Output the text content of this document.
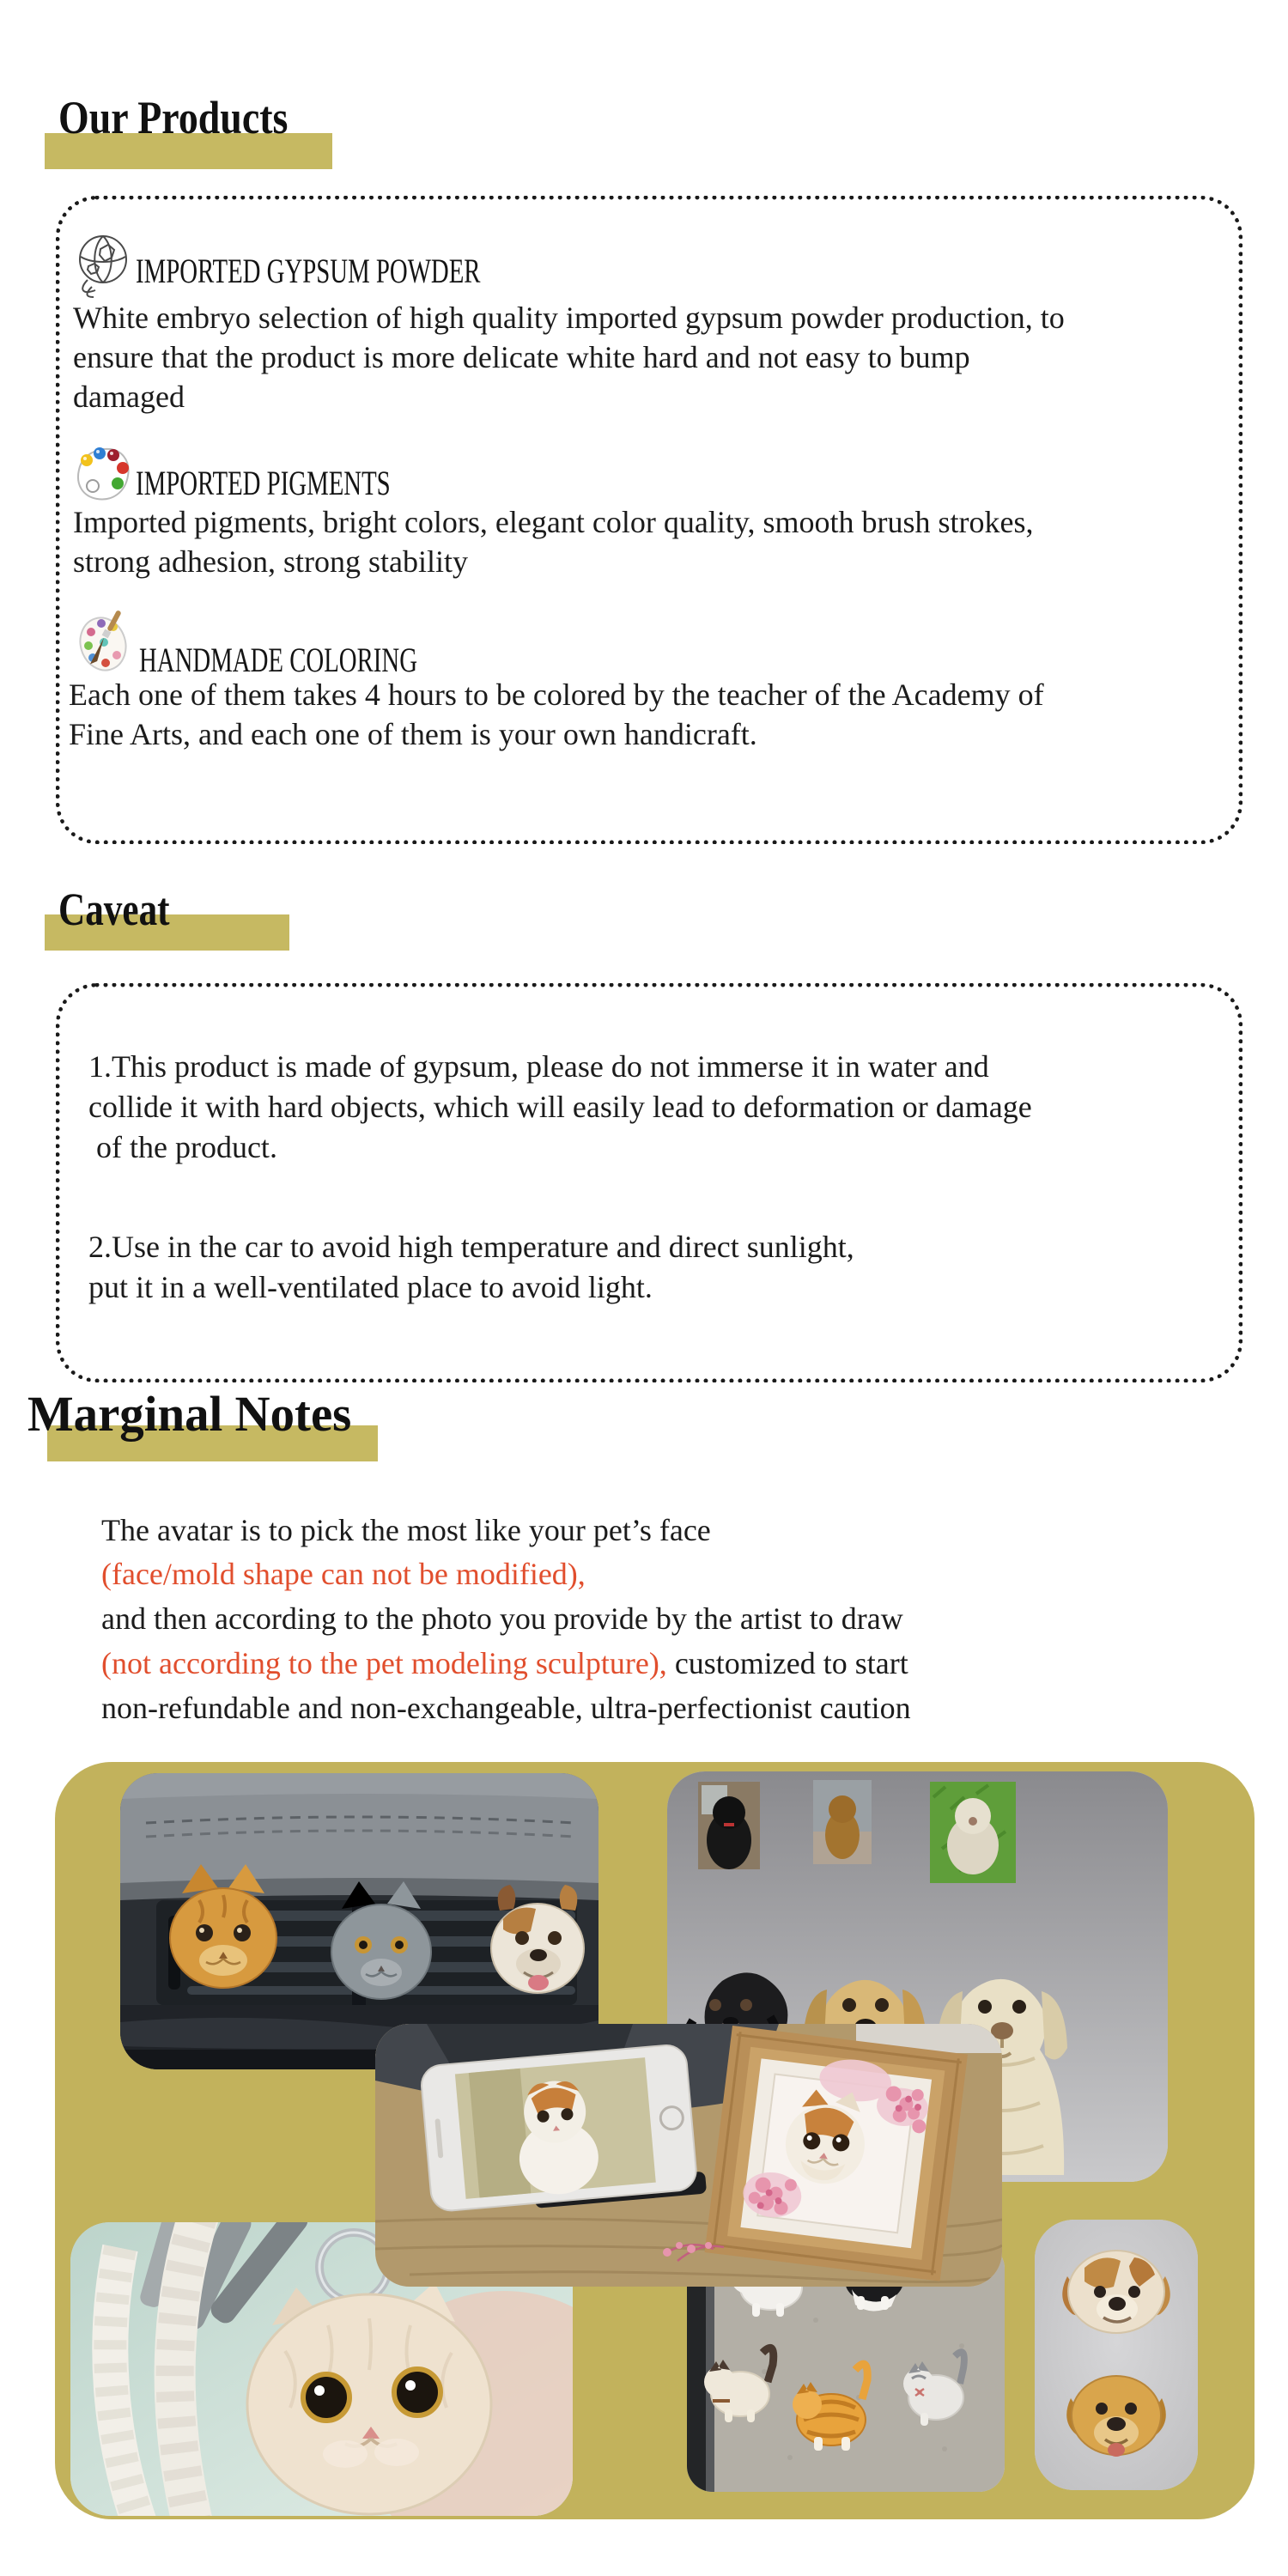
Our Products
IMPORTED GYPSUM POWDER
White embryo selection of high quality imported gypsum powder production, to
ensure that the product is more delicate white hard and not easy to bump
damaged
IMPORTED PIGMENTS
Imported pigments, bright colors, elegant color quality, smooth brush strokes,
strong adhesion, strong stability
HANDMADE COLORING
Each one of them takes 4 hours to be colored by the teacher of the Academy of
Fine Arts, and each one of them is your own handicraft.
Caveat
1.This product is made of gypsum, please do not immerse it in water and
collide it with hard objects, which will easily lead to deformation or damage
of the product.
2.Use in the car to avoid high temperature and direct sunlight,
put it in a well-ventilated place to avoid light.
Marginal Notes
The avatar is to pick the most like your pet’s face
(face/mold shape can not be modified),
and then according to the photo you provide by the artist to draw
(not according to the pet modeling sculpture), customized to start
non-refundable and non-exchangeable, ultra-perfectionist caution
